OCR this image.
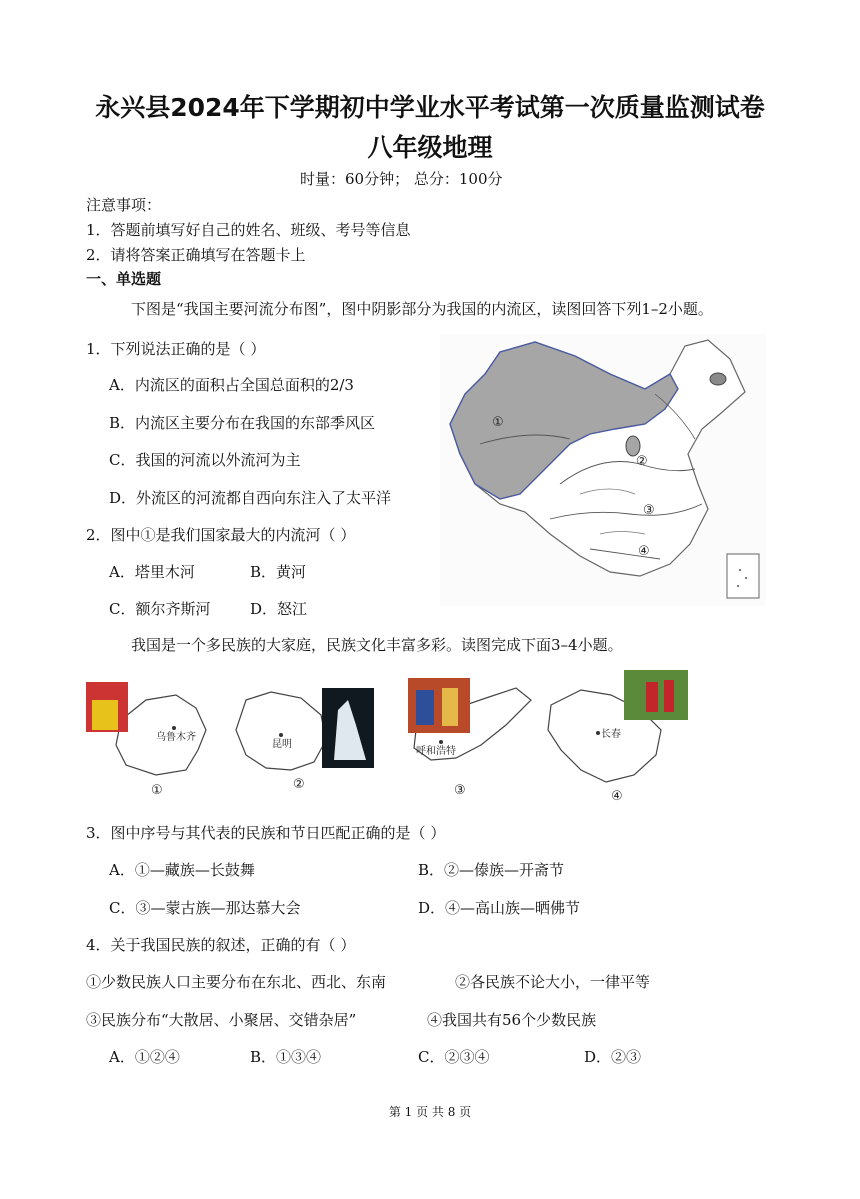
永兴县2024年下学期初中学业水平考试第一次质量监测试卷
八年级地理
时量：60分钟； 总分：100分
注意事项：
1．答题前填写好自己的姓名、班级、考号等信息
2．请将答案正确填写在答题卡上
一、单选题
下图是“我国主要河流分布图”，图中阴影部分为我国的内流区，读图回答下列1–2小题。
1．下列说法正确的是（ ）
A．内流区的面积占全国总面积的2/3
B．内流区主要分布在我国的东部季风区
C．我国的河流以外流河为主
D．外流区的河流都自西向东注入了太平洋
2．图中①是我们国家最大的内流河（ ）
A．塔里木河	B．黄河
C．额尔齐斯河	D．怒江
①
②
③
④
我国是一个多民族的大家庭，民族文化丰富多彩。读图完成下面3–4小题。
乌鲁木齐
①
昆明
②
呼和浩特
③
长春
④
3．图中序号与其代表的民族和节日匹配正确的是（ ）
A．①—藏族—长鼓舞	B．②—傣族—开斋节
C．③—蒙古族—那达慕大会	D．④—高山族—晒佛节
4．关于我国民族的叙述，正确的有（ ）
①少数民族人口主要分布在东北、西北、东南	②各民族不论大小，一律平等
③民族分布“大散居、小聚居、交错杂居”	④我国共有56个少数民族
A．①②④	B．①③④	C．②③④	D．②③
第 1 页 共 8 页
